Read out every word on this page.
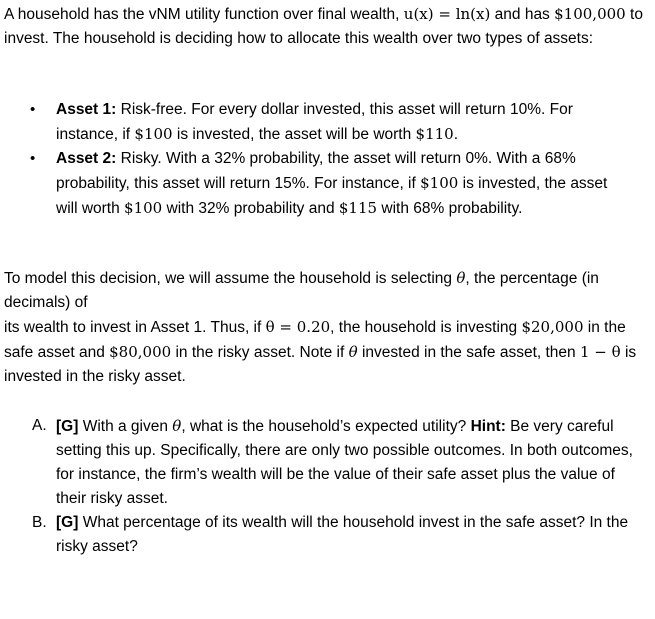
A household has the vNM utility function over final wealth, u(x) = ln(x) and has $100,000 to invest. The household is deciding how to allocate this wealth over two types of assets:

• Asset 1: Risk-free. For every dollar invested, this asset will return 10%. For instance, if $100 is invested, the asset will be worth $110.
• Asset 2: Risky. With a 32% probability, the asset will return 0%. With a 68% probability, this asset will return 15%. For instance, if $100 is invested, the asset will worth $100 with 32% probability and $115 with 68% probability.

To model this decision, we will assume the household is selecting θ, the percentage (in decimals) of
its wealth to invest in Asset 1. Thus, if θ = 0.20, the household is investing $20,000 in the safe asset and $80,000 in the risky asset. Note if θ invested in the safe asset, then 1 − θ is invested in the risky asset.

A. [G] With a given θ, what is the household’s expected utility? Hint: Be very careful setting this up. Specifically, there are only two possible outcomes. In both outcomes, for instance, the firm’s wealth will be the value of their safe asset plus the value of their risky asset.
B. [G] What percentage of its wealth will the household invest in the safe asset? In the risky asset?
